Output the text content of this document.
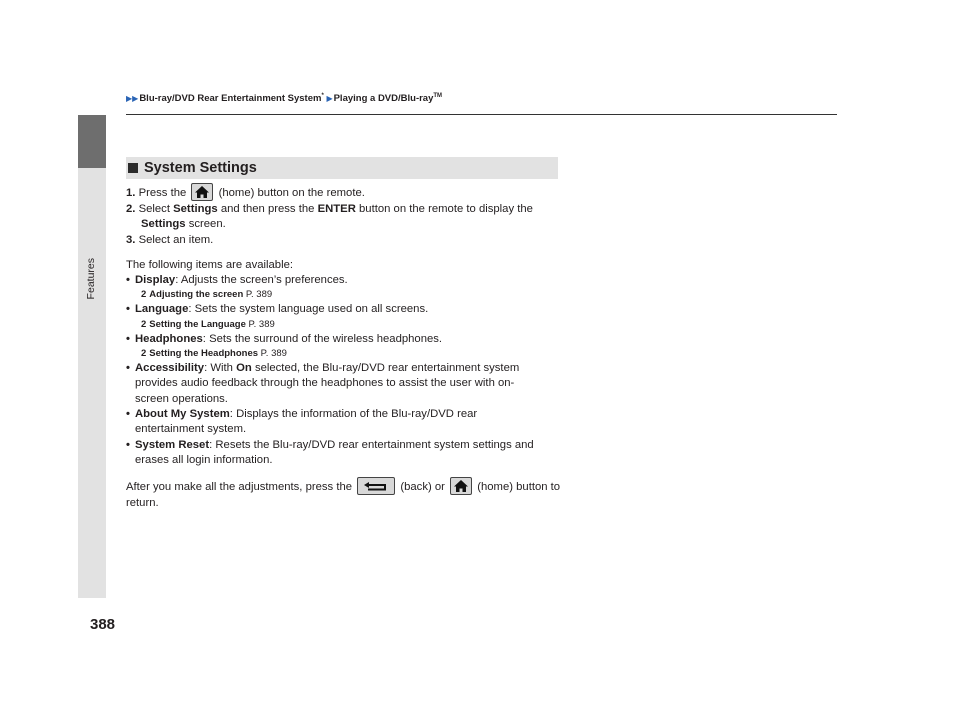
Features
▶▶Blu-ray/DVD Rear Entertainment System* ▶Playing a DVD/Blu-ray™
System Settings

1. Press the	(home) button on the remote.

2. Select Settings and then press the ENTER button on the remote to display the

Settings screen.

3. Select an item.

The following items are available:

• Display: Adjusts the screen’s preferences.

2 Adjusting the screen P. 389

• Language: Sets the system language used on all screens.

2 Setting the Language P. 389

• Headphones: Sets the surround of the wireless headphones.

2 Setting the Headphones P. 389

• Accessibility: With On selected, the Blu-ray/DVD rear entertainment system

provides audio feedback through the headphones to assist the user with on-

screen operations.

• About My System: Displays the information of the Blu-ray/DVD rear

entertainment system.

• System Reset: Resets the Blu-ray/DVD rear entertainment system settings and

erases all login information.

After you make all the adjustments, press the	(back) or	(home) button to

return.

388
